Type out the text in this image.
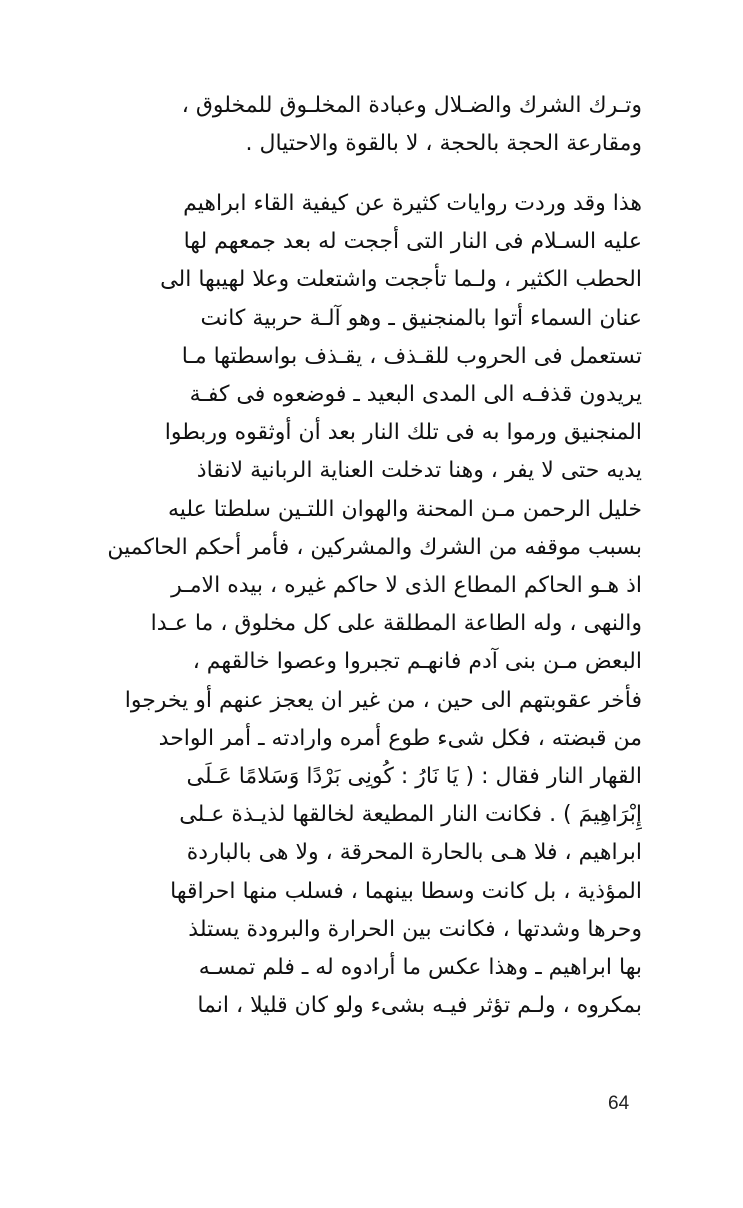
وتـرك الشرك والضـلال وعبادة المخلـوق للمخلوق ،
ومقارعة الحجة بالحجة ، لا بالقوة والاحتيال .
هذا وقد وردت روايات كثيرة عن كيفية القاء ابراهيم
عليه السـلام فى النار التى أججت له بعد جمعهم لها
الحطب الكثير ، ولـما تأججت واشتعلت وعلا لهيبها الى
عنان السماء أتوا بالمنجنيق ـ وهو آلـة حربية كانت
تستعمل فى الحروب للقـذف ، يقـذف بواسطتها مـا
يريدون قذفـه الى المدى البعيد ـ فوضعوه فى كفـة
المنجنيق ورموا به فى تلك النار بعد أن أوثقوه وربطوا
يديه حتى لا يفر ، وهنا تدخلت العناية الربانية لانقاذ
خليل الرحمن مـن المحنة والهوان اللتـين سلطتا عليه
بسبب موقفه من الشرك والمشركين ، فأمر أحكم الحاكمين
اذ هـو الحاكم المطاع الذى لا حاكم غيره ، بيده الامـر
والنهى ، وله الطاعة المطلقة على كل مخلوق ، ما عـدا
البعض مـن بنى آدم فانهـم تجبروا وعصوا خالقهم ،
فأخر عقوبتهم الى حين ، من غير ان يعجز عنهم أو يخرجوا
من قبضته ، فكل شىء طوع أمره وارادته ـ أمر الواحد
القهار النار فقال : ( يَا نَارُ : كُونِى بَرْدًا وَسَلامًا عَـلَى
إِبْرَاهِيمَ ) . فكانت النار المطيعة لخالقها لذيـذة عـلى
ابراهيم ، فلا هـى بالحارة المحرقة ، ولا هى بالباردة
المؤذية ، بل كانت وسطا بينهما ، فسلب منها احراقها
وحرها وشدتها ، فكانت بين الحرارة والبرودة يستلذ
بها ابراهيم ـ وهذا عكس ما أرادوه له ـ فلم تمسـه
بمكروه ، ولـم تؤثر فيـه بشىء ولو كان قليلا ، انما
64
